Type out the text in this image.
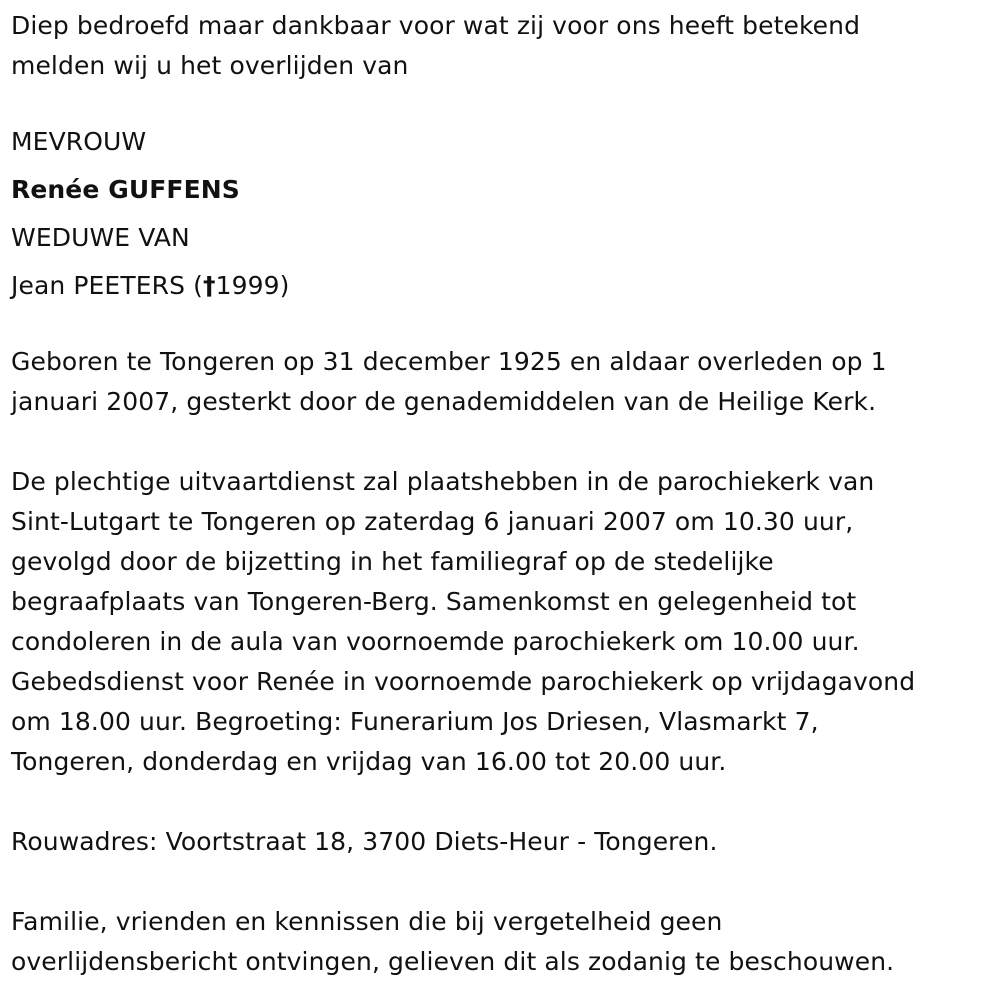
Diep bedroefd maar dankbaar voor wat zij voor ons heeft betekend
melden wij u het overlijden van
MEVROUW
Renée GUFFENS
WEDUWE VAN
Jean PEETERS (†1999)
Geboren te Tongeren op 31 december 1925 en aldaar overleden op 1
januari 2007, gesterkt door de genademiddelen van de Heilige Kerk.
De plechtige uitvaartdienst zal plaatshebben in de parochiekerk van
Sint-Lutgart te Tongeren op zaterdag 6 januari 2007 om 10.30 uur,
gevolgd door de bijzetting in het familiegraf op de stedelijke
begraafplaats van Tongeren-Berg. Samenkomst en gelegenheid tot
condoleren in de aula van voornoemde parochiekerk om 10.00 uur.
Gebedsdienst voor Renée in voornoemde parochiekerk op vrijdagavond
om 18.00 uur. Begroeting: Funerarium Jos Driesen, Vlasmarkt 7,
Tongeren, donderdag en vrijdag van 16.00 tot 20.00 uur.
Rouwadres: Voortstraat 18, 3700 Diets-Heur - Tongeren.
Familie, vrienden en kennissen die bij vergetelheid geen
overlijdensbericht ontvingen, gelieven dit als zodanig te beschouwen.
